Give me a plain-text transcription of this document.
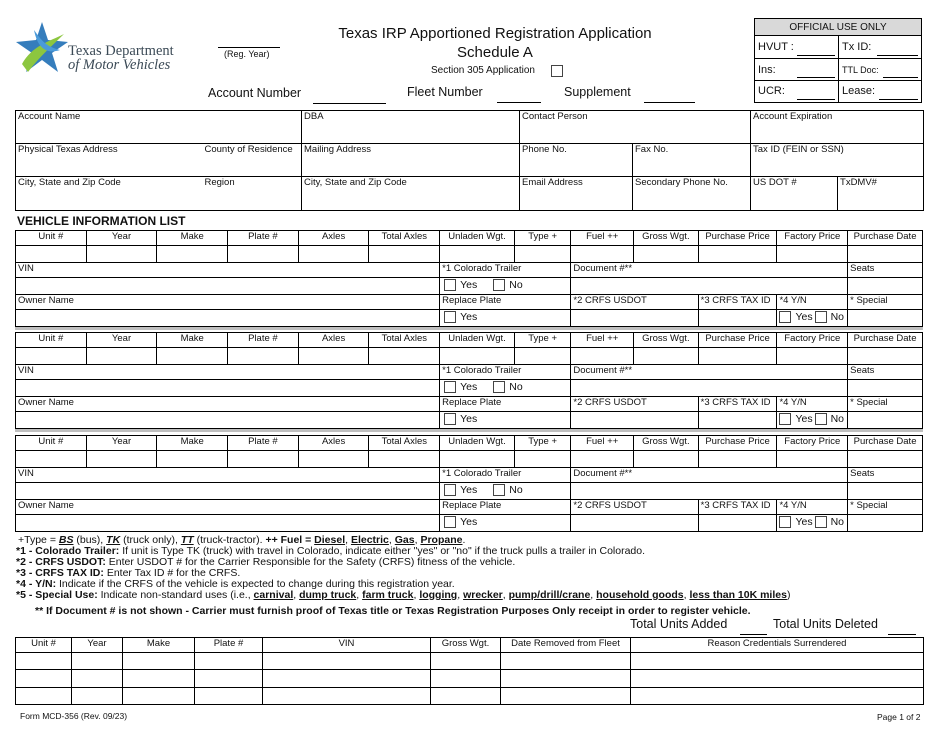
Texas Department
of Motor Vehicles
(Reg. Year)
Texas IRP Apportioned Registration Application
Schedule A
Section 305 Application
Account Number	Fleet Number	Supplement
OFFICIAL USE ONLY
HVUT :	Tx ID:
Ins:	TTL Doc:
UCR:	Lease:
Account Name		DBA	Contact Person		Account Expiration	
Physical Texas Address	County of Residence	Mailing Address	Phone No.	Fax No.	Tax ID (FEIN or SSN)	
City, State and Zip Code	Region	City, State and Zip Code	Email Address	Secondary Phone No.	US DOT #	TxDMV#
VEHICLE INFORMATION LIST
Unit #	Year	Make	Plate #	Axles	Total Axles	Unladen Wgt.	Type +	Fuel ++	Gross Wgt.	Purchase Price	Factory Price	Purchase Date

VIN						*1 Colorado Trailer		Document #**				Seats
						Yes No						
Owner Name						Replace Plate		*2 CRFS USDOT		*3 CRFS TAX ID	*4 Y/N	* Special
						Yes					Yes No	
Unit #	Year	Make	Plate #	Axles	Total Axles	Unladen Wgt.	Type +	Fuel ++	Gross Wgt.	Purchase Price	Factory Price	Purchase Date

VIN						*1 Colorado Trailer		Document #**				Seats
						Yes No						
Owner Name						Replace Plate		*2 CRFS USDOT		*3 CRFS TAX ID	*4 Y/N	* Special
						Yes					Yes No	
Unit #	Year	Make	Plate #	Axles	Total Axles	Unladen Wgt.	Type +	Fuel ++	Gross Wgt.	Purchase Price	Factory Price	Purchase Date

VIN						*1 Colorado Trailer		Document #**				Seats
						Yes No						
Owner Name						Replace Plate		*2 CRFS USDOT		*3 CRFS TAX ID	*4 Y/N	* Special
						Yes					Yes No	
+Type = BS (bus), TK (truck only), TT (truck-tractor). ++ Fuel = Diesel, Electric, Gas, Propane.
*1 - Colorado Trailer: If unit is Type TK (truck) with travel in Colorado, indicate either "yes" or "no" if the truck pulls a trailer in Colorado.
*2 - CRFS USDOT: Enter USDOT # for the Carrier Responsible for the Safety (CRFS) fitness of the vehicle.
*3 - CRFS TAX ID: Enter Tax ID # for the CRFS.
*4 - Y/N: Indicate if the CRFS of the vehicle is expected to change during this registration year.
*5 - Special Use: Indicate non-standard uses (i.e., carnival, dump truck, farm truck, logging, wrecker, pump/drill/crane, household goods, less than 10K miles)
** If Document # is not shown - Carrier must furnish proof of Texas title or Texas Registration Purposes Only receipt in order to register vehicle.
Total Units Added	Total Units Deleted
Unit #	Year	Make	Plate #	VIN	Gross Wgt.	Date Removed from Fleet	Reason Credentials Surrendered

Form MCD-356 (Rev. 09/23)	Page 1 of 2
